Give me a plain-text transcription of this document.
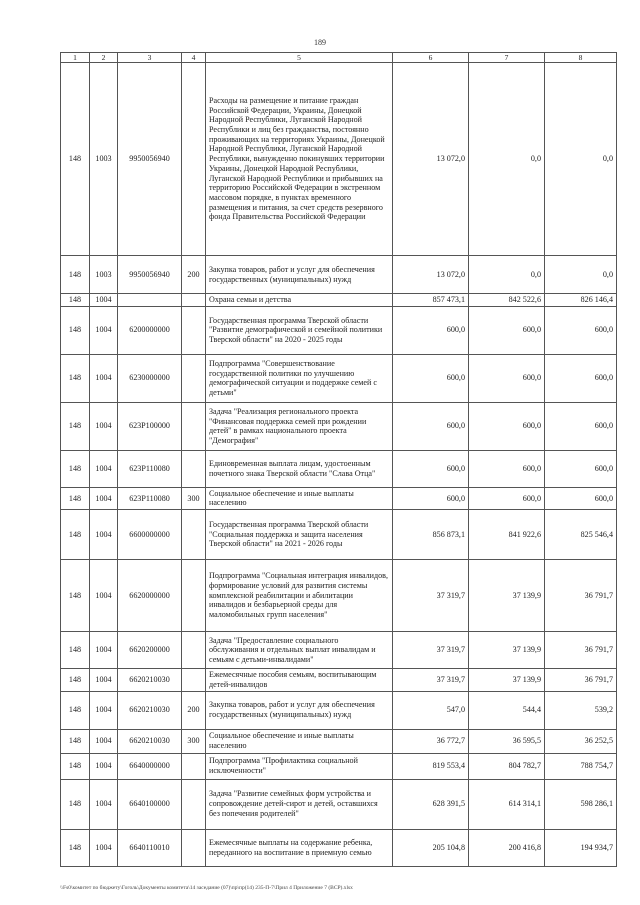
189
1	2	3	4	5	6	7	8
148	1003	9950056940		Расходы на размещение и питание граждан Российской Федерации, Украины, Донецкой Народной Республики, Луганской Народной Республики и лиц без гражданства, постоянно проживающих на территориях Украины, Донецкой Народной Республики, Луганской Народной Республики, вынужденно покинувших территории Украины, Донецкой Народной Республики, Луганской Народной Республики и прибывших на территорию Российской Федерации в экстренном массовом порядке, в пунктах временного размещения и питания, за счет средств резервного фонда Правительства Российской Федерации	13 072,0	0,0	0,0
148	1003	9950056940	200	Закупка товаров, работ и услуг для обеспечения государственных (муниципальных) нужд	13 072,0	0,0	0,0
148	1004			Охрана семьи и детства	857 473,1	842 522,6	826 146,4
148	1004	6200000000		Государственная программа Тверской области "Развитие демографической и семейной политики Тверской области" на 2020 - 2025 годы	600,0	600,0	600,0
148	1004	6230000000		Подпрограмма "Совершенствование государственной политики по улучшению демографической ситуации и поддержке семей с детьми"	600,0	600,0	600,0
148	1004	623P100000		Задача "Реализация регионального проекта "Финансовая поддержка семей при рождении детей" в рамках национального проекта "Демография"	600,0	600,0	600,0
148	1004	623P110080		Единовременная выплата лицам, удостоенным почетного знака Тверской области "Слава Отца"	600,0	600,0	600,0
148	1004	623P110080	300	Социальное обеспечение и иные выплаты населению	600,0	600,0	600,0
148	1004	6600000000		Государственная программа Тверской области "Социальная поддержка и защита населения Тверской области" на 2021 - 2026 годы	856 873,1	841 922,6	825 546,4
148	1004	6620000000		Подпрограмма "Социальная интеграция инвалидов, формирование условий для развития системы комплексной реабилитации и абилитации инвалидов и безбарьерной среды для маломобильных групп населения"	37 319,7	37 139,9	36 791,7
148	1004	6620200000		Задача "Предоставление социального обслуживания и отдельных выплат инвалидам и семьям с детьми-инвалидами"	37 319,7	37 139,9	36 791,7
148	1004	6620210030		Ежемесячные пособия семьям, воспитывающим детей-инвалидов	37 319,7	37 139,9	36 791,7
148	1004	6620210030	200	Закупка товаров, работ и услуг для обеспечения государственных (муниципальных) нужд	547,0	544,4	539,2
148	1004	6620210030	300	Социальное обеспечение и иные выплаты населению	36 772,7	36 595,5	36 252,5
148	1004	6640000000		Подпрограмма "Профилактика социальной исключенности"	819 553,4	804 782,7	788 754,7
148	1004	6640100000		Задача "Развитие семейных форм устройства и сопровождение детей-сирот и детей, оставшихся без попечения родителей"	628 391,5	614 314,1	598 286,1
148	1004	6640110010		Ежемесячные выплаты на содержание ребенка, переданного на воспитание в приемную семью	205 104,8	200 416,8	194 934,7
\\Fs0\комитет по бюджету\Гоголь\Документы комитета\14 заседание (07)\пр\пр(14) 235-П-7\Прил 4 Приложение 7 (ВСР).xlsx
